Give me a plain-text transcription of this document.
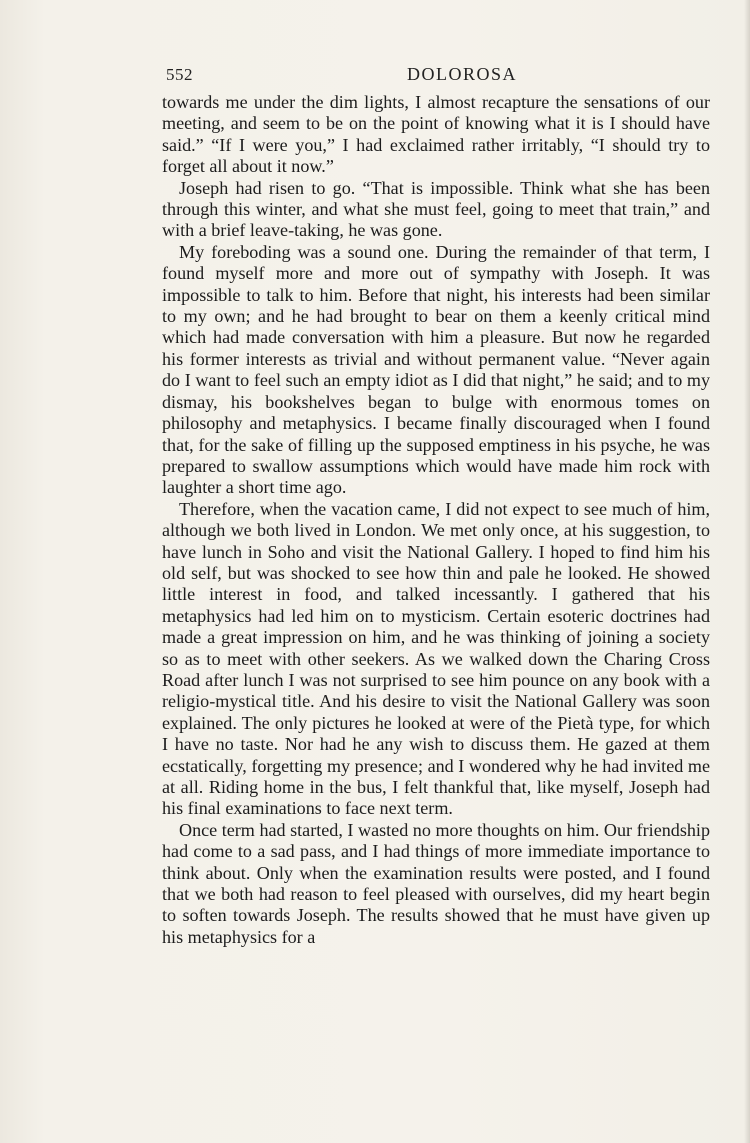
552	DOLOROSA

towards me under the dim lights, I almost recapture the sensations of our meeting, and seem to be on the point of knowing what it is I should have said.” “If I were you,” I had exclaimed rather irritably, “I should try to forget all about it now.”

Joseph had risen to go. “That is impossible. Think what she has been through this winter, and what she must feel, going to meet that train,” and with a brief leave-taking, he was gone.

My foreboding was a sound one. During the remainder of that term, I found myself more and more out of sympathy with Joseph. It was impossible to talk to him. Before that night, his interests had been similar to my own; and he had brought to bear on them a keenly critical mind which had made conversation with him a pleasure. But now he regarded his former interests as trivial and without permanent value. “Never again do I want to feel such an empty idiot as I did that night,” he said; and to my dismay, his bookshelves began to bulge with enormous tomes on philosophy and metaphysics. I became finally discouraged when I found that, for the sake of filling up the supposed emptiness in his psyche, he was prepared to swallow assumptions which would have made him rock with laughter a short time ago.

Therefore, when the vacation came, I did not expect to see much of him, although we both lived in London. We met only once, at his suggestion, to have lunch in Soho and visit the National Gallery. I hoped to find him his old self, but was shocked to see how thin and pale he looked. He showed little interest in food, and talked incessantly. I gathered that his metaphysics had led him on to mysticism. Certain esoteric doctrines had made a great impression on him, and he was thinking of joining a society so as to meet with other seekers. As we walked down the Charing Cross Road after lunch I was not surprised to see him pounce on any book with a religio-mystical title. And his desire to visit the National Gallery was soon explained. The only pictures he looked at were of the Pietà type, for which I have no taste. Nor had he any wish to discuss them. He gazed at them ecstatically, forgetting my presence; and I wondered why he had invited me at all. Riding home in the bus, I felt thankful that, like myself, Joseph had his final examinations to face next term.

Once term had started, I wasted no more thoughts on him. Our friendship had come to a sad pass, and I had things of more immediate importance to think about. Only when the examination results were posted, and I found that we both had reason to feel pleased with ourselves, did my heart begin to soften towards Joseph. The results showed that he must have given up his metaphysics for a
